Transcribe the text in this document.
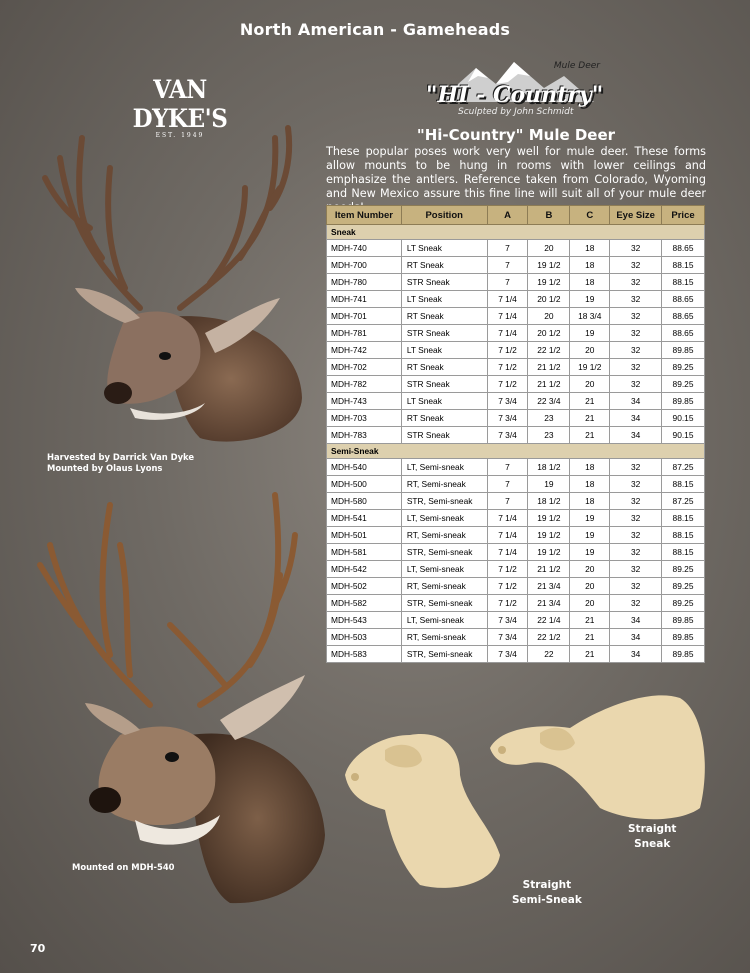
North American - Gameheads
VAN DYKE'S
EST. 1949
Mule Deer
"HI - Country"
Sculpted by John Schmidt
"Hi-Country" Mule Deer
These popular poses work very well for mule deer. These forms allow mounts to be hung in rooms with lower ceilings and emphasize the antlers. Reference taken from Colorado, Wyoming and New Mexico assure this fine line will suit all of your mule deer
Item Number	Position	A	B	C	Eye Size	Price
Sneak						
MDH-740	LT Sneak	7	20	18	32	88.65
MDH-700	RT Sneak	7	19 1/2	18	32	88.15
MDH-780	STR Sneak	7	19 1/2	18	32	88.15
MDH-741	LT Sneak	7 1/4	20 1/2	19	32	88.65
MDH-701	RT Sneak	7 1/4	20	18 3/4	32	88.65
MDH-781	STR Sneak	7 1/4	20 1/2	19	32	88.65
MDH-742	LT Sneak	7 1/2	22 1/2	20	32	89.85
MDH-702	RT Sneak	7 1/2	21 1/2	19 1/2	32	89.25
MDH-782	STR Sneak	7 1/2	21 1/2	20	32	89.25
MDH-743	LT Sneak	7 3/4	22 3/4	21	34	89.85
MDH-703	RT Sneak	7 3/4	23	21	34	90.15
MDH-783	STR Sneak	7 3/4	23	21	34	90.15
Semi-Sneak						
MDH-540	LT, Semi-sneak	7	18 1/2	18	32	87.25
MDH-500	RT, Semi-sneak	7	19	18	32	88.15
MDH-580	STR, Semi-sneak	7	18 1/2	18	32	87.25
MDH-541	LT, Semi-sneak	7 1/4	19 1/2	19	32	88.15
MDH-501	RT, Semi-sneak	7 1/4	19 1/2	19	32	88.15
MDH-581	STR, Semi-sneak	7 1/4	19 1/2	19	32	88.15
MDH-542	LT, Semi-sneak	7 1/2	21 1/2	20	32	89.25
MDH-502	RT, Semi-sneak	7 1/2	21 3/4	20	32	89.25
MDH-582	STR, Semi-sneak	7 1/2	21 3/4	20	32	89.25
MDH-543	LT, Semi-sneak	7 3/4	22 1/4	21	34	89.85
MDH-503	RT, Semi-sneak	7 3/4	22 1/2	21	34	89.85
MDH-583	STR, Semi-sneak	7 3/4	22	21	34	89.85
Harvested by Darrick Van Dyke
Mounted by Olaus Lyons
Mounted on MDH-540
Straight
Sneak
Straight
Semi-Sneak
70
